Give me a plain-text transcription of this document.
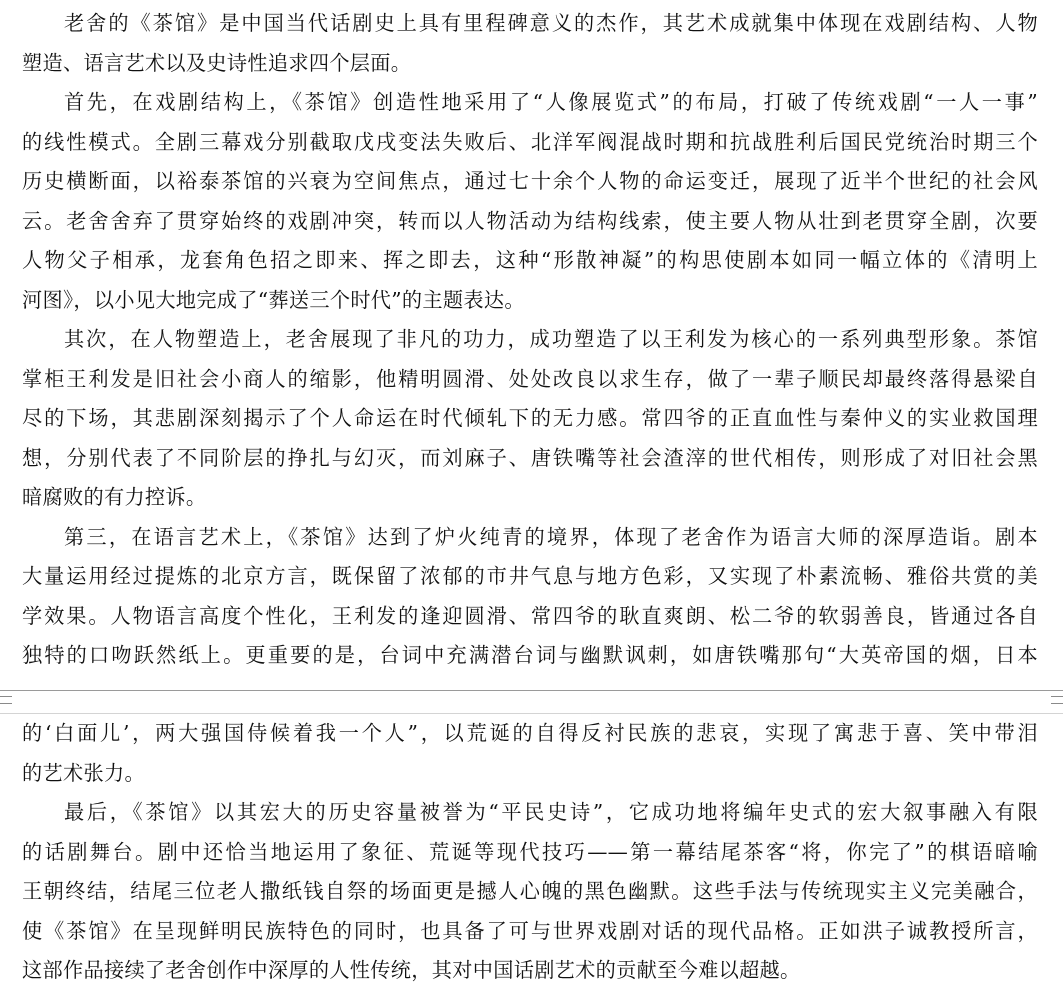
老舍的《茶馆》是中国当代话剧史上具有里程碑意义的杰作，其艺术成就集中体现在戏剧结构、人物
塑造、语言艺术以及史诗性追求四个层面。
首先，在戏剧结构上，《茶馆》创造性地采用了“人像展览式”的布局，打破了传统戏剧“一人一事”
的线性模式。全剧三幕戏分别截取戊戌变法失败后、北洋军阀混战时期和抗战胜利后国民党统治时期三个
历史横断面，以裕泰茶馆的兴衰为空间焦点，通过七十余个人物的命运变迁，展现了近半个世纪的社会风
云。老舍舍弃了贯穿始终的戏剧冲突，转而以人物活动为结构线索，使主要人物从壮到老贯穿全剧，次要
人物父子相承，龙套角色招之即来、挥之即去，这种“形散神凝”的构思使剧本如同一幅立体的《清明上
河图》，以小见大地完成了“葬送三个时代”的主题表达。
其次，在人物塑造上，老舍展现了非凡的功力，成功塑造了以王利发为核心的一系列典型形象。茶馆
掌柜王利发是旧社会小商人的缩影，他精明圆滑、处处改良以求生存，做了一辈子顺民却最终落得悬梁自
尽的下场，其悲剧深刻揭示了个人命运在时代倾轧下的无力感。常四爷的正直血性与秦仲义的实业救国理
想，分别代表了不同阶层的挣扎与幻灭，而刘麻子、唐铁嘴等社会渣滓的世代相传，则形成了对旧社会黑
暗腐败的有力控诉。
第三，在语言艺术上，《茶馆》达到了炉火纯青的境界，体现了老舍作为语言大师的深厚造诣。剧本
大量运用经过提炼的北京方言，既保留了浓郁的市井气息与地方色彩，又实现了朴素流畅、雅俗共赏的美
学效果。人物语言高度个性化，王利发的逢迎圆滑、常四爷的耿直爽朗、松二爷的软弱善良，皆通过各自
独特的口吻跃然纸上。更重要的是，台词中充满潜台词与幽默讽刺，如唐铁嘴那句“大英帝国的烟，日本
的‘白面儿’，两大强国侍候着我一个人”，以荒诞的自得反衬民族的悲哀，实现了寓悲于喜、笑中带泪
的艺术张力。
最后，《茶馆》以其宏大的历史容量被誉为“平民史诗”，它成功地将编年史式的宏大叙事融入有限
的话剧舞台。剧中还恰当地运用了象征、荒诞等现代技巧——第一幕结尾茶客“将，你完了”的棋语暗喻
王朝终结，结尾三位老人撒纸钱自祭的场面更是撼人心魄的黑色幽默。这些手法与传统现实主义完美融合，
使《茶馆》在呈现鲜明民族特色的同时，也具备了可与世界戏剧对话的现代品格。正如洪子诚教授所言，
这部作品接续了老舍创作中深厚的人性传统，其对中国话剧艺术的贡献至今难以超越。
